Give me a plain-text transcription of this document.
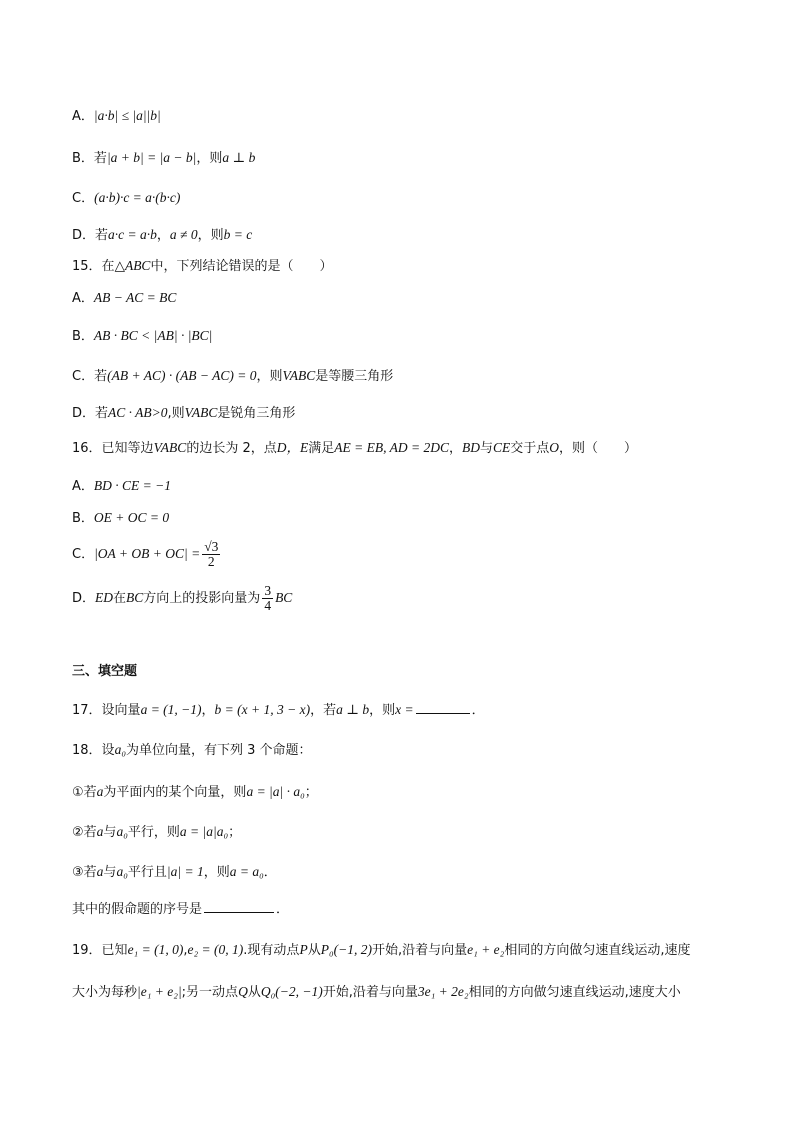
A．|a·b| ≤ |a||b|
B．若|a + b| = |a − b|，则a ⊥ b
C．(a·b)·c = a·(b·c)
D．若a·c = a·b，a ≠ 0，则b = c
15．在△ABC中，下列结论错误的是（　　）
A．AB − AC = BC
B．AB · BC < |AB| · |BC|
C．若(AB + AC) · (AB − AC) = 0，则VABC是等腰三角形
D．若AC · AB>0,则VABC是锐角三角形
16．已知等边VABC的边长为 2，点D，E满足AE = EB, AD = 2DC，BD与CE交于点O，则（　　）
A．BD · CE = −1
B．OE + OC = 0
C．|OA + OB + $OC| = \frac{√3}{2}$
D．ED在BC方向上的投影向量为 $\frac{3}{4}$ BC
三、填空题
17．设向量a = (1, −1)，b = (x + 1, 3 − x)，若a ⊥ b，则x =	．
18．设a₀为单位向量，有下列 3 个命题：
①若a为平面内的某个向量，则a = |a| · a₀；
②若a与a₀平行，则a = |a|a₀；
③若a与a₀平行且|a| = 1，则a = a₀．
其中的假命题的序号是	．
19．已知e₁ = (1, 0),e₂ = (0, 1).现有动点P从P₀(−1, 2)开始,沿着与向量e₁ + e₂相同的方向做匀速直线运动,速度
大小为每秒|e₁ + e₂|;另一动点Q从Q₀(−2, −1)开始,沿着与向量3e₁ + 2e₂相同的方向做匀速直线运动,速度大小
